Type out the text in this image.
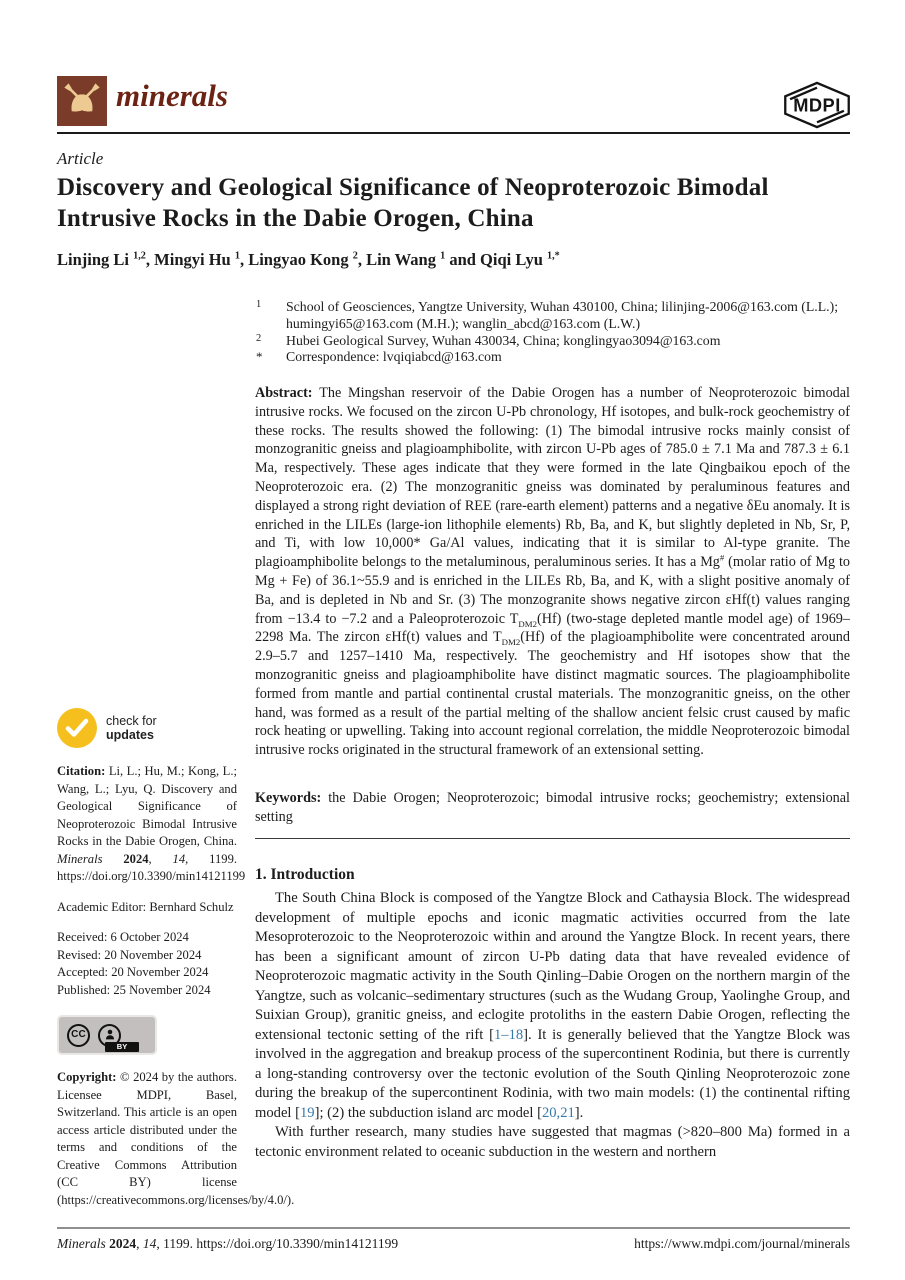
minerals	MDPI
Article
Discovery and Geological Significance of Neoproterozoic Bimodal Intrusive Rocks in the Dabie Orogen, China
Linjing Li $^{1,2}$, Mingyi Hu $^1$, Lingyao Kong $^2$, Lin Wang $^1$ and Qiqi Lyu $^{1,*}$
1 School of Geosciences, Yangtze University, Wuhan 430100, China; lilinjing-2006@163.com (L.L.); humingyi65@163.com (M.H.); wanglin_abcd@163.com (L.W.)
2 Hubei Geological Survey, Wuhan 430034, China; konglingyao3094@163.com
* Correspondence: lvqiqiabcd@163.com
Abstract: The Mingshan reservoir of the Dabie Orogen has a number of Neoproterozoic bimodal intrusive rocks. We focused on the zircon U-Pb chronology, Hf isotopes, and bulk-rock geochemistry of these rocks. The results showed the following: (1) The bimodal intrusive rocks mainly consist of monzogranitic gneiss and plagioamphibolite, with zircon U-Pb ages of 785.0 ± 7.1 Ma and 787.3 ± 6.1 Ma, respectively. These ages indicate that they were formed in the late Qingbaikou epoch of the Neoproterozoic era. (2) The monzogranitic gneiss was dominated by peraluminous features and displayed a strong right deviation of REE (rare-earth element) patterns and a negative δEu anomaly. It is enriched in the LILEs (large-ion lithophile elements) Rb, Ba, and K, but slightly depleted in Nb, Sr, P, and Ti, with low 10,000* Ga/Al values, indicating that it is similar to Al-type granite. The plagioamphibolite belongs to the metaluminous, peraluminous series. It has a Mg# (molar ratio of Mg to Mg + Fe) of 36.1~55.9 and is enriched in the LILEs Rb, Ba, and K, with a slight positive anomaly of Ba, and is depleted in Nb and Sr. (3) The monzogranite shows negative zircon εHf(t) values ranging from −13.4 to −7.2 and a Paleoproterozoic $T_{DM2}(Hf)$ (two-stage depleted mantle model age) of 1969–2298 Ma. The zircon εHf(t) values and $T_{DM2}(Hf)$ of the plagioamphibolite were concentrated around 2.9–5.7 and 1257–1410 Ma, respectively. The geochemistry and Hf isotopes show that the monzogranitic gneiss and plagioamphibolite have distinct magmatic sources. The plagioamphibolite formed from mantle and partial continental crustal materials. The monzogranitic gneiss, on the other hand, was formed as a result of the partial melting of the shallow ancient felsic crust caused by mafic rock heating or upwelling. Taking into account regional correlation, the middle Neoproterozoic bimodal intrusive rocks originated in the structural framework of an extensional setting.
Keywords: the Dabie Orogen; Neoproterozoic; bimodal intrusive rocks; geochemistry; extensional setting
1. Introduction

The South China Block is composed of the Yangtze Block and Cathaysia Block. The widespread development of multiple epochs and iconic magmatic activities occurred from the late Mesoproterozoic to the Neoproterozoic within and around the Yangtze Block. In recent years, there has been a significant amount of zircon U-Pb dating data that have revealed evidence of Neoproterozoic magmatic activity in the South Qinling–Dabie Orogen on the northern margin of the Yangtze, such as volcanic–sedimentary structures (such as the Wudang Group, Yaolinghe Group, and Suixian Group), granitic gneiss, and eclogite protoliths in the eastern Dabie Orogen, reflecting the extensional tectonic setting of the rift [1–18]. It is generally believed that the Yangtze Block was involved in the aggregation and breakup process of the supercontinent Rodinia, but there is currently a long-standing controversy over the tectonic evolution of the South Qinling Neoproterozoic zone during the breakup of the supercontinent Rodinia, with two main models: (1) the continental rifting model [19]; (2) the subduction island arc model [20,21].

With further research, many studies have suggested that magmas (>820–800 Ma) formed in a tectonic environment related to oceanic subduction in the western and northern

check for
updates
Citation: Li, L.; Hu, M.; Kong, L.; Wang, L.; Lyu, Q. Discovery and Geological Significance of Neoproterozoic Bimodal Intrusive Rocks in the Dabie Orogen, China. Minerals 2024, 14, 1199. https://doi.org/10.3390/min14121199
Academic Editor: Bernhard Schulz
Received: 6 October 2024
Revised: 20 November 2024
Accepted: 20 November 2024
Published: 25 November 2024
CC
BY
Copyright: © 2024 by the authors. Licensee MDPI, Basel, Switzerland. This article is an open access article distributed under the terms and conditions of the Creative Commons Attribution (CC BY) license (https://creativecommons.org/licenses/by/4.0/).
Minerals 2024, 14, 1199. https://doi.org/10.3390/min14121199	https://www.mdpi.com/journal/minerals
